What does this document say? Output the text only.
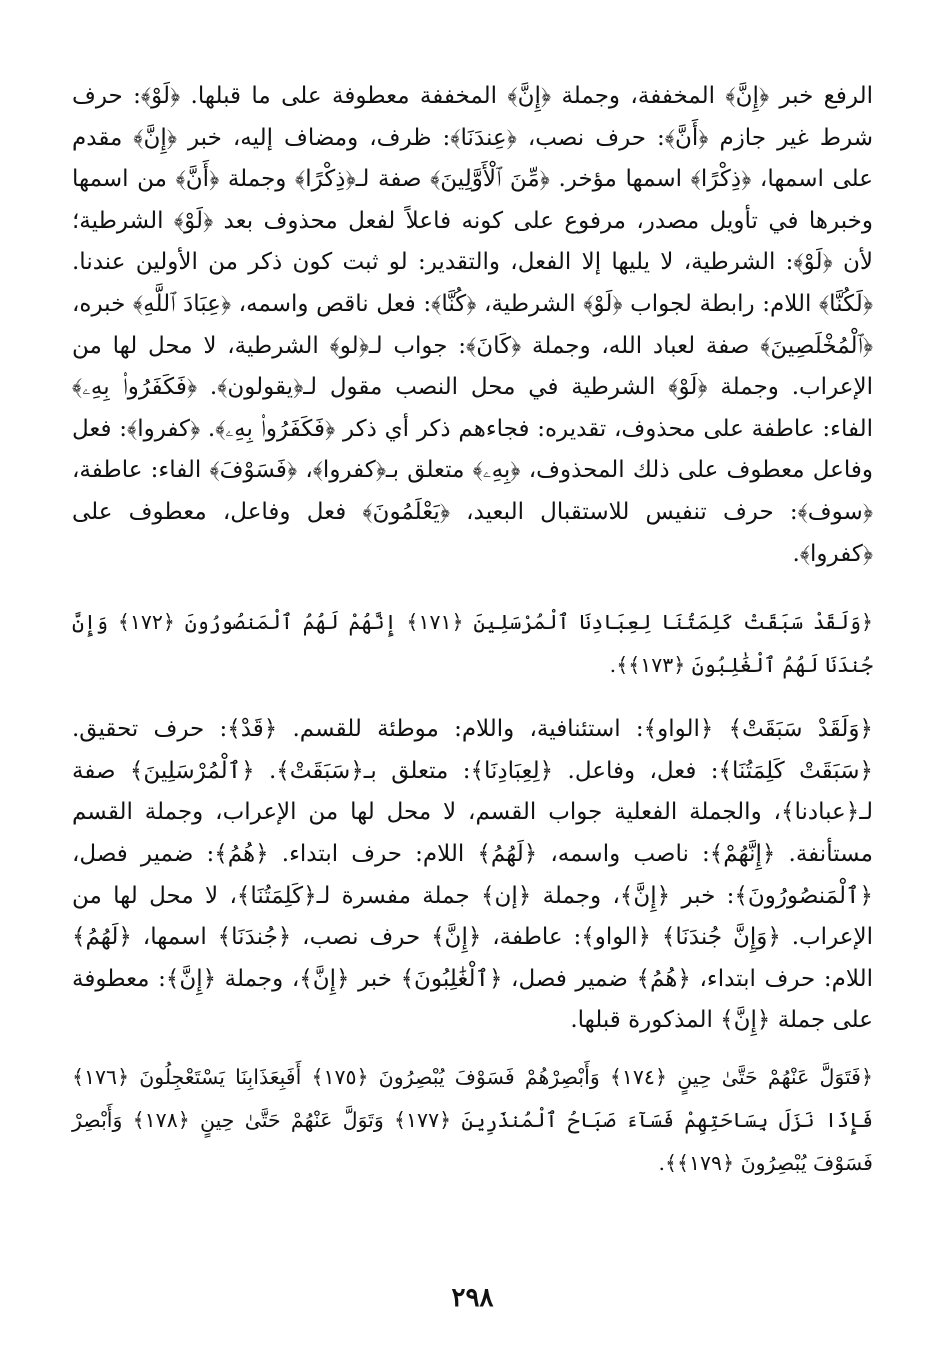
الرفع خبر ﴿إِنَّ﴾ المخففة، وجملة ﴿إِنَّ﴾ المخففة معطوفة على ما قبلها. ﴿لَوْ﴾: حرف شرط غير جازم ﴿أَنَّ﴾: حرف نصب، ﴿عِندَنَا﴾: ظرف، ومضاف إليه، خبر ﴿إِنَّ﴾ مقدم على اسمها، ﴿ذِكْرًا﴾ اسمها مؤخر. ﴿مِّنَ ٱلْأَوَّلِينَ﴾ صفة لـ﴿ذِكْرًا﴾ وجملة ﴿أَنَّ﴾ من اسمها وخبرها في تأويل مصدر، مرفوع على كونه فاعلاً لفعل محذوف بعد ﴿لَوْ﴾ الشرطية؛ لأن ﴿لَوْ﴾: الشرطية، لا يليها إلا الفعل، والتقدير: لو ثبت كون ذكر من الأولين عندنا. ﴿لَكُنَّا﴾ اللام: رابطة لجواب ﴿لَوْ﴾ الشرطية، ﴿كُنَّا﴾: فعل ناقص واسمه، ﴿عِبَادَ ٱللَّهِ﴾ خبره، ﴿ٱلْمُخْلَصِينَ﴾ صفة لعباد الله، وجملة ﴿كَانَ﴾: جواب لـ﴿لو﴾ الشرطية، لا محل لها من الإعراب. وجملة ﴿لَوْ﴾ الشرطية في محل النصب مقول لـ﴿يقولون﴾. ﴿فَكَفَرُوا۟ بِهِۦ﴾ الفاء: عاطفة على محذوف، تقديره: فجاءهم ذكر أي ذكر ﴿فَكَفَرُوا۟ بِهِۦ﴾. ﴿كفروا﴾: فعل وفاعل معطوف على ذلك المحذوف، ﴿بِهِۦ﴾ متعلق بـ﴿كفروا﴾، ﴿فَسَوْفَ﴾ الفاء: عاطفة، ﴿سوف﴾: حرف تنفيس للاستقبال البعيد، ﴿يَعْلَمُونَ﴾ فعل وفاعل، معطوف على ﴿كفروا﴾.

﴿وَلَقَدْ سَبَقَتْ كَلِمَتُنَا لِعِبَادِنَا ٱلْمُرْسَلِينَ ﴿١٧١﴾ إِنَّهُمْ لَهُمُ ٱلْمَنصُورُونَ ﴿١٧٢﴾ وَإِنَّ جُندَنَا لَهُمُ ٱلْغَٰلِبُونَ ﴿١٧٣﴾﴾.

﴿وَلَقَدْ سَبَقَتْ﴾ ﴿الواو﴾: استئنافية، واللام: موطئة للقسم. ﴿قَدْ﴾: حرف تحقيق. ﴿سَبَقَتْ كَلِمَتُنَا﴾: فعل، وفاعل. ﴿لِعِبَادِنَا﴾: متعلق بـ﴿سَبَقَتْ﴾. ﴿ٱلْمُرْسَلِينَ﴾ صفة لـ﴿عبادنا﴾، والجملة الفعلية جواب القسم، لا محل لها من الإعراب، وجملة القسم مستأنفة. ﴿إِنَّهُمْ﴾: ناصب واسمه، ﴿لَهُمُ﴾ اللام: حرف ابتداء. ﴿هُمُ﴾: ضمير فصل، ﴿ٱلْمَنصُورُونَ﴾: خبر ﴿إِنَّ﴾، وجملة ﴿إن﴾ جملة مفسرة لـ﴿كَلِمَتُنَا﴾، لا محل لها من الإعراب. ﴿وَإِنَّ جُندَنَا﴾ ﴿الواو﴾: عاطفة، ﴿إِنَّ﴾ حرف نصب، ﴿جُندَنَا﴾ اسمها، ﴿لَهُمُ﴾ اللام: حرف ابتداء، ﴿هُمُ﴾ ضمير فصل، ﴿ٱلْغَٰلِبُونَ﴾ خبر ﴿إِنَّ﴾، وجملة ﴿إِنَّ﴾: معطوفة على جملة ﴿إِنَّ﴾ المذكورة قبلها.

﴿فَتَوَلَّ عَنْهُمْ حَتَّىٰ حِينٍ ﴿١٧٤﴾ وَأَبْصِرْهُمْ فَسَوْفَ يُبْصِرُونَ ﴿١٧٥﴾ أَفَبِعَذَابِنَا يَسْتَعْجِلُونَ ﴿١٧٦﴾ فَإِذَا نَزَلَ بِسَاحَتِهِمْ فَسَآءَ صَبَاحُ ٱلْمُنذَرِينَ ﴿١٧٧﴾ وَتَوَلَّ عَنْهُمْ حَتَّىٰ حِينٍ ﴿١٧٨﴾ وَأَبْصِرْ فَسَوْفَ يُبْصِرُونَ ﴿١٧٩﴾﴾.

٢٩٨
